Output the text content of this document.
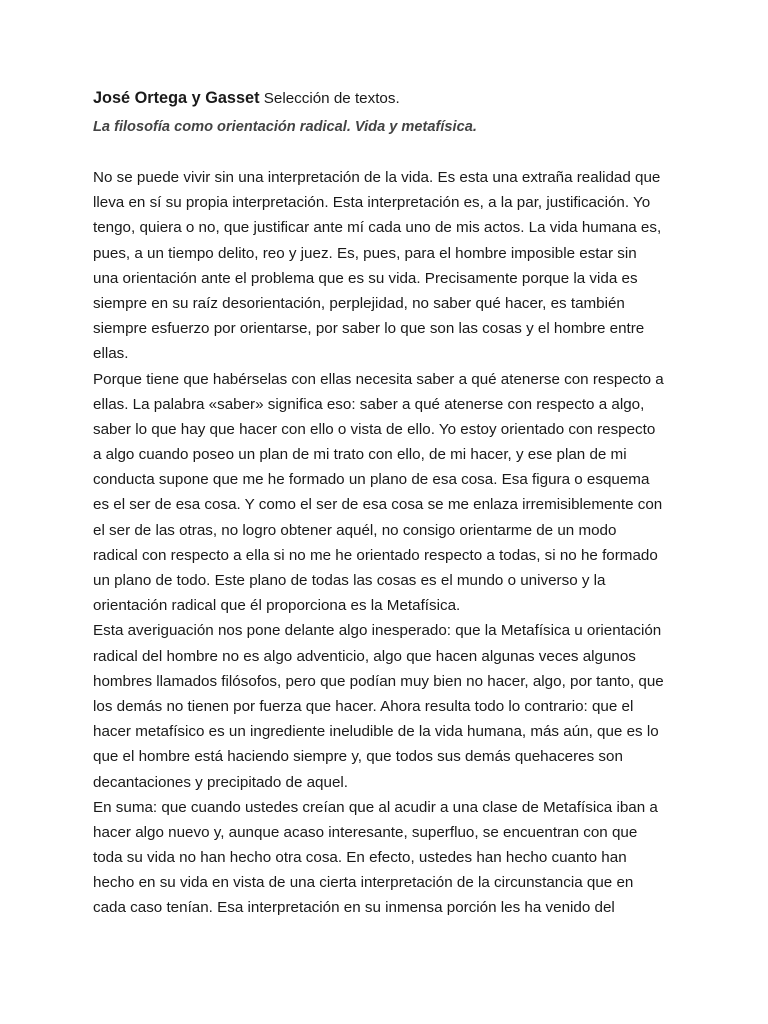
José Ortega y Gasset Selección de textos.

La filosofía como orientación radical. Vida y metafísica.

No se puede vivir sin una interpretación de la vida. Es esta una extraña realidad que
lleva en sí su propia interpretación. Esta interpretación es, a la par, justificación. Yo
tengo, quiera o no, que justificar ante mí cada uno de mis actos. La vida humana es,
pues, a un tiempo delito, reo y juez. Es, pues, para el hombre imposible estar sin
una orientación ante el problema que es su vida. Precisamente porque la vida es
siempre en su raíz desorientación, perplejidad, no saber qué hacer, es también
siempre esfuerzo por orientarse, por saber lo que son las cosas y el hombre entre
ellas.
Porque tiene que habérselas con ellas necesita saber a qué atenerse con respecto a
ellas. La palabra «saber» significa eso: saber a qué atenerse con respecto a algo,
saber lo que hay que hacer con ello o vista de ello. Yo estoy orientado con respecto
a algo cuando poseo un plan de mi trato con ello, de mi hacer, y ese plan de mi
conducta supone que me he formado un plano de esa cosa. Esa figura o esquema
es el ser de esa cosa. Y como el ser de esa cosa se me enlaza irremisiblemente con
el ser de las otras, no logro obtener aquél, no consigo orientarme de un modo
radical con respecto a ella si no me he orientado respecto a todas, si no he formado
un plano de todo. Este plano de todas las cosas es el mundo o universo y la
orientación radical que él proporciona es la Metafísica.
Esta averiguación nos pone delante algo inesperado: que la Metafísica u orientación
radical del hombre no es algo adventicio, algo que hacen algunas veces algunos
hombres llamados filósofos, pero que podían muy bien no hacer, algo, por tanto, que
los demás no tienen por fuerza que hacer. Ahora resulta todo lo contrario: que el
hacer metafísico es un ingrediente ineludible de la vida humana, más aún, que es lo
que el hombre está haciendo siempre y, que todos sus demás quehaceres son
decantaciones y precipitado de aquel.
En suma: que cuando ustedes creían que al acudir a una clase de Metafísica iban a
hacer algo nuevo y, aunque acaso interesante, superfluo, se encuentran con que
toda su vida no han hecho otra cosa. En efecto, ustedes han hecho cuanto han
hecho en su vida en vista de una cierta interpretación de la circunstancia que en
cada caso tenían. Esa interpretación en su inmensa porción les ha venido del
